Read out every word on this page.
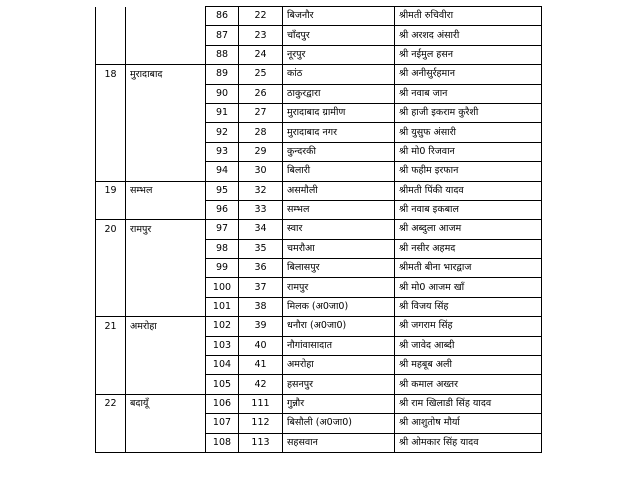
		86	22	बिजनौर	श्रीमती रुचिवीरा
		87	23	चाँदपुर	श्री अरशद अंसारी
		88	24	नूरपुर	श्री नईमुल हसन
18	मुरादाबाद	89	25	कांठ	श्री अनीसुर्रहमान
		90	26	ठाकुरद्वारा	श्री नवाब जान
		91	27	मुरादाबाद ग्रामीण	श्री हाजी इकराम कुरैशी
		92	28	मुरादाबाद नगर	श्री युसुफ अंसारी
		93	29	कुन्दरकी	श्री मो0 रिजवान
		94	30	बिलारी	श्री फहीम इरफान
19	सम्भल	95	32	असमौली	श्रीमती पिंकी यादव
		96	33	सम्भल	श्री नवाब इकबाल
20	रामपुर	97	34	स्वार	श्री अब्दुला आजम
		98	35	चमरौआ	श्री नसीर अहमद
		99	36	बिलासपुर	श्रीमती बीना भारद्वाज
		100	37	रामपुर	श्री मो0 आजम खाँ
		101	38	मिलक (अ0जा0)	श्री विजय सिंह
21	अमरोहा	102	39	धनौरा (अ0जा0)	श्री जगराम सिंह
		103	40	नौगांवासादात	श्री जावेद आब्दी
		104	41	अमरोहा	श्री महबूब अली
		105	42	हसनपुर	श्री कमाल अख्तर
22	बदायूँ	106	111	गुन्नौर	श्री राम खिलाडी सिंह यादव
		107	112	बिसौली (अ0जा0)	श्री आशुतोष मौर्या
		108	113	सहसवान	श्री ओमकार सिंह यादव
